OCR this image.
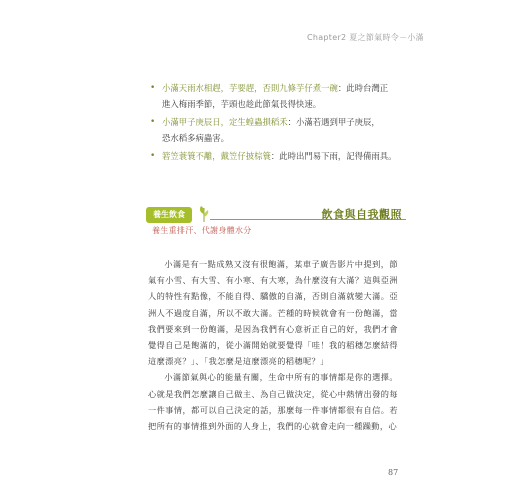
Chapter2 夏之節氣時令－小滿
• 小滿天雨水相趕，芋要趕，否則九條芋仔煮一碗：此時台灣正
進入梅雨季節，芋頭也趁此節氣長得快速。
• 小滿甲子庚辰日，定生蝗蟲損稻禾：小滿若遇到甲子庚辰，
恐水稻多病蟲害。
• 箬笠蓑簑不離，戴笠仔披棕簑：此時出門易下雨，記得備雨具。
養生飲食	飲食與自我觀照
養生重排汗、代謝身體水分

小滿是有一點成熟又沒有很飽滿，某車子廣告影片中提到，節氣有小雪、有大雪、有小寒、有大寒，為什麼沒有大滿？這與亞洲人的特性有點像，不能自得、驕傲的自滿，否則自滿就變大滿。亞洲人不過度自滿，所以不敢大滿。芒種的時候就會有一份飽滿，當我們要來到一份飽滿，是因為我們有心意祈正自己的好，我們才會覺得自己是飽滿的，從小滿開始就要覺得「哇！我的稻穗怎麼結得這麼漂亮？」、「我怎麼是這麼漂亮的稻穗呢？」

小滿節氣與心的能量有關，生命中所有的事情都是你的選擇。心就是我們怎麼讓自己做主、為自己做決定，從心中熱情出發的每一件事情，都可以自己決定的話，那麼每一件事情都很有自信。若把所有的事情推到外面的人身上，我們的心就會走向一種躁動，心

87
